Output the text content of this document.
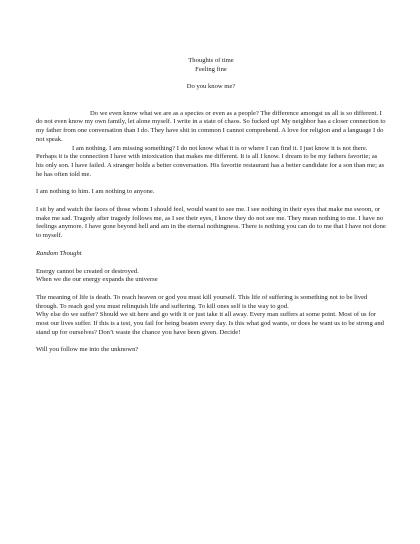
Thoughts of time
Feeling fine
Do you know me?

Do we even know what we are as a species or even as a people? The difference amongst us all is so different. I do not even know my own family, let alone myself. I write in a state of chaos. So fucked up! My neighbor has a closer connection to my father from one conversation than I do. They have shit in common I cannot comprehend. A love for religion and a language I do not speak.

I am nothing. I am missing something? I do not know what it is or where I can find it. I just know it is not there. Perhaps it is the connection I have with intoxication that makes me different. It is all I know. I dream to be my fathers favorite; as his only son. I have failed. A stranger holds a better conversation. His favorite restaurant has a better candidate for a son than me; as he has often told me.

I am nothing to him. I am nothing to anyone.

I sit by and watch the faces of those whom I should feel, would want to see me. I see nothing in their eyes that make me swoon, or make me sad. Tragedy after tragedy follows me, as I see their eyes, I know they do not see me. They mean nothing to me. I have no feelings anymore. I have gone beyond hell and am in the eternal nothingness. There is nothing you can do to me that I have not done to myself.

Random Thought

Energy cannot be created or destroyed.

When we die our energy expands the universe

The meaning of life is death. To reach heaven or god you must kill yourself. This life of suffering is something not to be lived through. To reach god you must relinquish life and suffering. To kill ones self is the way to god.

Why else do we suffer? Should we sit here and go with it or just take it all away. Every man suffers at some point. Most of us for most our lives suffer. If this is a test, you fail for being beaten every day. Is this what god wants, or does he want us to be strong and stand up for ourselves? Don’t waste the chance you have been given. Decide!

Will you follow me into the unknown?
